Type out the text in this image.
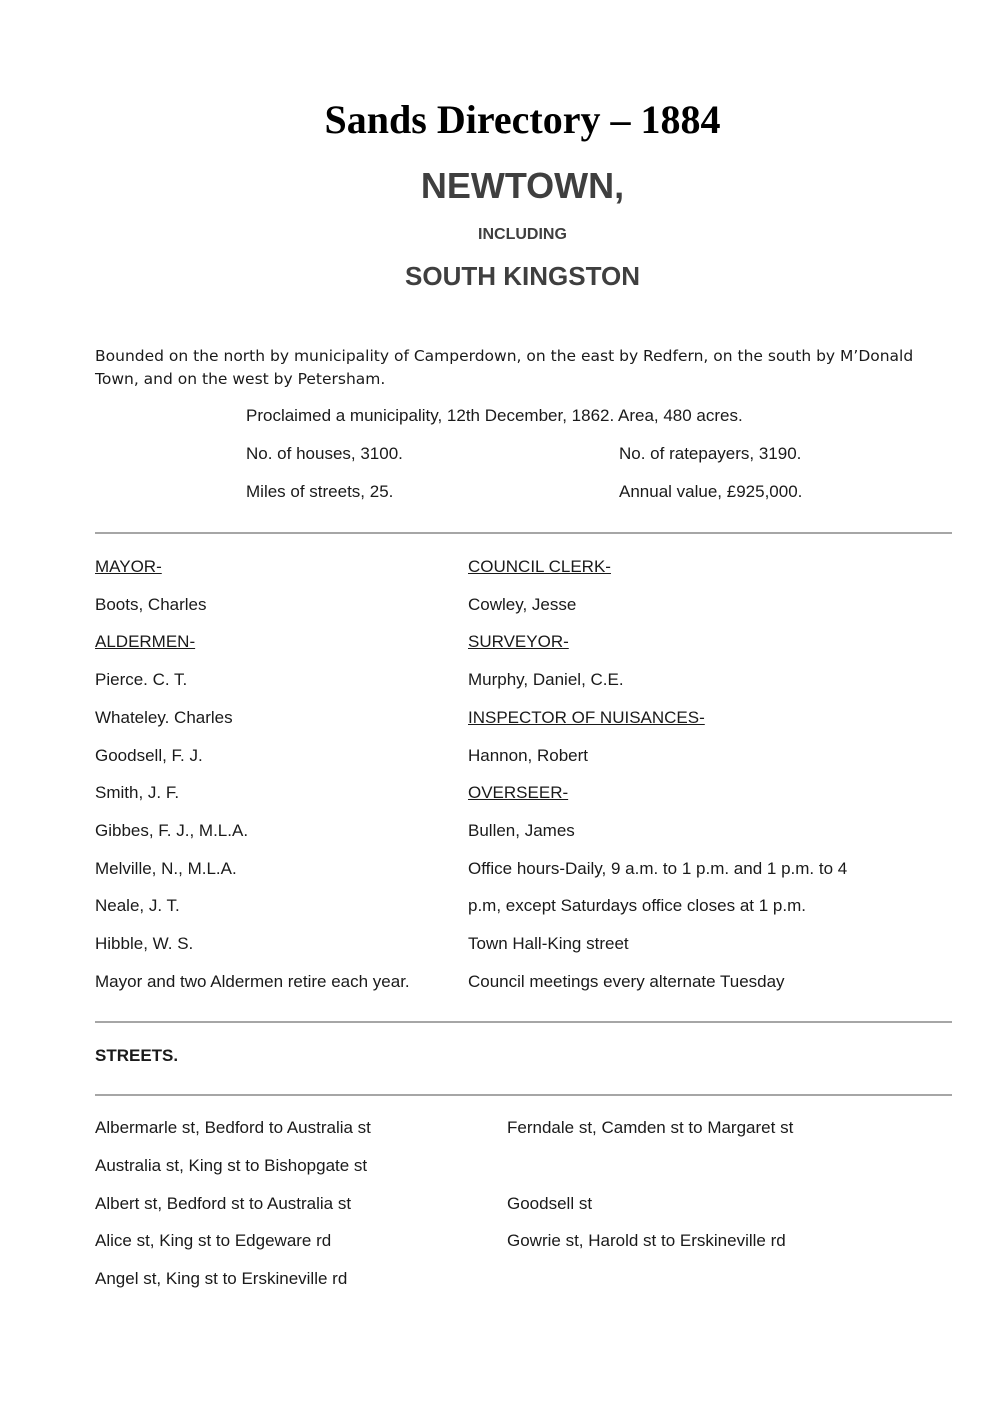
Sands Directory – 1884
NEWTOWN,
INCLUDING
SOUTH KINGSTON
Bounded on the north by municipality of Camperdown, on the east by Redfern, on the south by M’Donald Town, and on the west by Petersham.
Proclaimed a municipality, 12th December, 1862. Area, 480 acres.
No. of houses, 3100.	No. of ratepayers, 3190.
Miles of streets, 25.	Annual value, £925,000.
MAYOR-
Boots, Charles
ALDERMEN-
Pierce. C. T.
Whateley. Charles
Goodsell, F. J.
Smith, J. F.
Gibbes, F. J., M.L.A.
Melville, N., M.L.A.
Neale, J. T.
Hibble, W. S.
Mayor and two Aldermen retire each year.
COUNCIL CLERK-
Cowley, Jesse
SURVEYOR-
Murphy, Daniel, C.E.
INSPECTOR OF NUISANCES-
Hannon, Robert
OVERSEER-
Bullen, James
Office hours-Daily, 9 a.m. to 1 p.m. and 1 p.m. to 4
p.m, except Saturdays office closes at 1 p.m.
Town Hall-King street
Council meetings every alternate Tuesday
STREETS.
Albermarle st, Bedford to Australia st
Australia st, King st to Bishopgate st
Albert st, Bedford st to Australia st
Alice st, King st to Edgeware rd
Angel st, King st to Erskineville rd
Ferndale st, Camden st to Margaret st
Goodsell st
Gowrie st, Harold st to Erskineville rd
